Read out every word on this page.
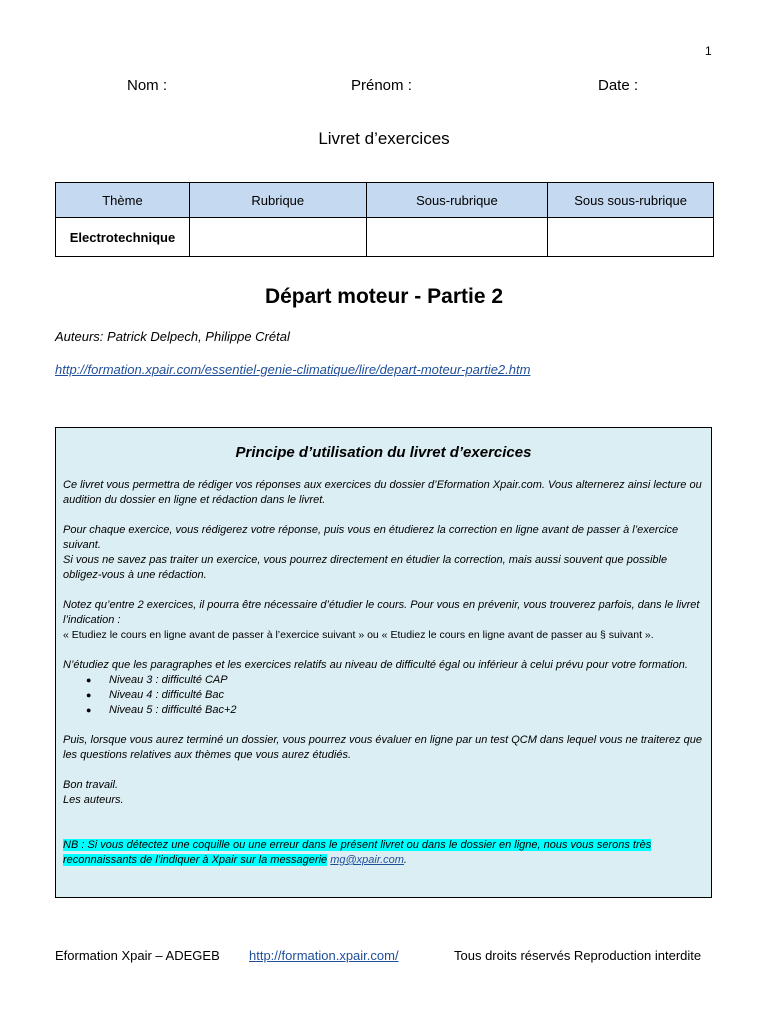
1
Nom :	Prénom :	Date :
Livret d’exercices
Thème	Rubrique	Sous-rubrique	Sous sous-rubrique
Electrotechnique			
Départ moteur - Partie 2
Auteurs: Patrick Delpech, Philippe Crétal
http://formation.xpair.com/essentiel-genie-climatique/lire/depart-moteur-partie2.htm
Principe d’utilisation du livret d’exercices

Ce livret vous permettra de rédiger vos réponses aux exercices du dossier d’Eformation Xpair.com. Vous alternerez ainsi lecture ou audition du dossier en ligne et rédaction dans le livret.

Pour chaque exercice, vous rédigerez votre réponse, puis vous en étudierez la correction en ligne avant de passer à l’exercice suivant.
Si vous ne savez pas traiter un exercice, vous pourrez directement en étudier la correction, mais aussi souvent que possible obligez-vous à une rédaction.

Notez qu’entre 2 exercices, il pourra être nécessaire d’étudier le cours. Pour vous en prévenir, vous trouverez parfois, dans le livret l’indication :
« Etudiez le cours en ligne avant de passer à l’exercice suivant » ou « Etudiez le cours en ligne avant de passer au § suivant ».

N’étudiez que les paragraphes et les exercices relatifs au niveau de difficulté égal ou inférieur à celui prévu pour votre formation.

● Niveau 3 : difficulté CAP
● Niveau 4 : difficulté Bac
● Niveau 5 : difficulté Bac+2

Puis, lorsque vous aurez terminé un dossier, vous pourrez vous évaluer en ligne par un test QCM dans lequel vous ne traiterez que les questions relatives aux thèmes que vous aurez étudiés.

Bon travail.
Les auteurs.

NB : Si vous détectez une coquille ou une erreur dans le présent livret ou dans le dossier en ligne, nous vous serons très reconnaissants de l’indiquer à Xpair sur la messagerie mg@xpair.com.

Eformation Xpair – ADEGEB http://formation.xpair.com/	Tous droits réservés Reproduction interdite
